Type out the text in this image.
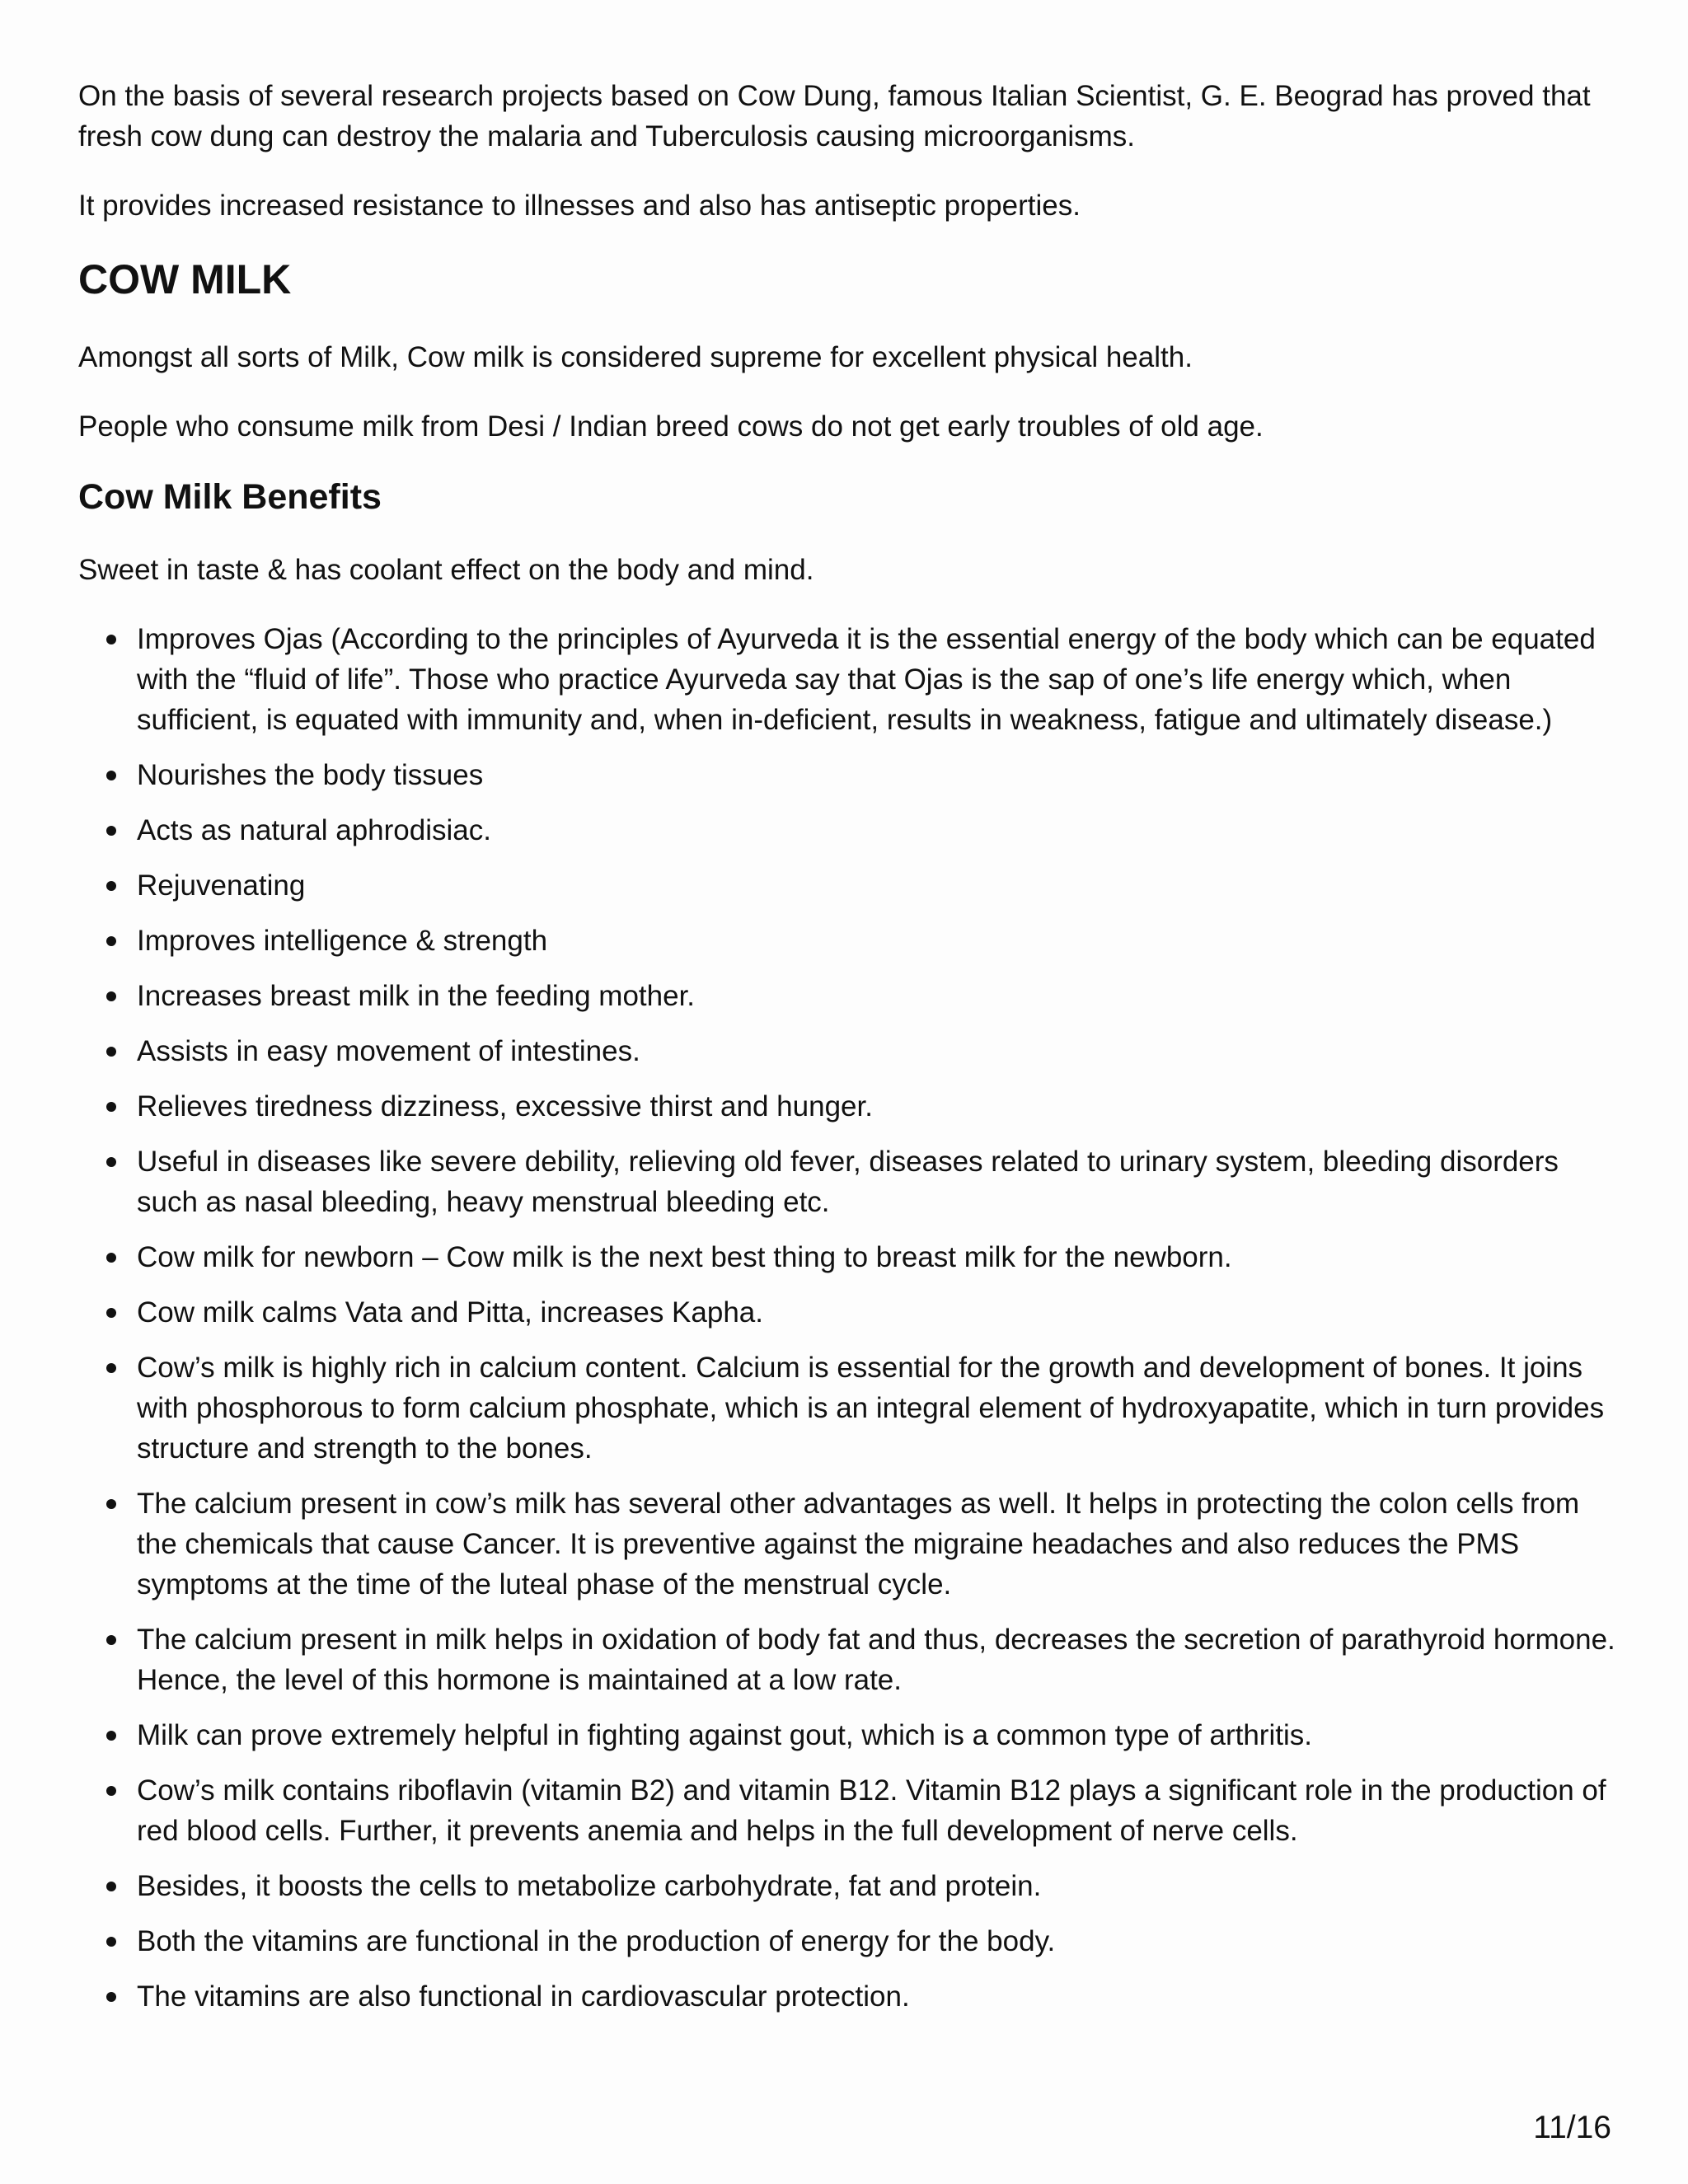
On the basis of several research projects based on Cow Dung, famous Italian Scientist, G. E. Beograd has proved that fresh cow dung can destroy the malaria and Tuberculosis causing microorganisms.

It provides increased resistance to illnesses and also has antiseptic properties.

COW MILK

Amongst all sorts of Milk, Cow milk is considered supreme for excellent physical health.

People who consume milk from Desi / Indian breed cows do not get early troubles of old age.

Cow Milk Benefits

Sweet in taste & has coolant effect on the body and mind.

Improves Ojas (According to the principles of Ayurveda it is the essential energy of the body which can be equated with the “fluid of life”. Those who practice Ayurveda say that Ojas is the sap of one’s life energy which, when sufficient, is equated with immunity and, when in-deficient, results in weakness, fatigue and ultimately disease.)
Nourishes the body tissues
Acts as natural aphrodisiac.
Rejuvenating
Improves intelligence & strength
Increases breast milk in the feeding mother.
Assists in easy movement of intestines.
Relieves tiredness dizziness, excessive thirst and hunger.
Useful in diseases like severe debility, relieving old fever, diseases related to urinary system, bleeding disorders such as nasal bleeding, heavy menstrual bleeding etc.
Cow milk for newborn – Cow milk is the next best thing to breast milk for the newborn.
Cow milk calms Vata and Pitta, increases Kapha.
Cow’s milk is highly rich in calcium content. Calcium is essential for the growth and development of bones. It joins with phosphorous to form calcium phosphate, which is an integral element of hydroxyapatite, which in turn provides structure and strength to the bones.
The calcium present in cow’s milk has several other advantages as well. It helps in protecting the colon cells from the chemicals that cause Cancer. It is preventive against the migraine headaches and also reduces the PMS symptoms at the time of the luteal phase of the menstrual cycle.
The calcium present in milk helps in oxidation of body fat and thus, decreases the secretion of parathyroid hormone. Hence, the level of this hormone is maintained at a low rate.
Milk can prove extremely helpful in fighting against gout, which is a common type of arthritis.
Cow’s milk contains riboflavin (vitamin B2) and vitamin B12. Vitamin B12 plays a significant role in the production of red blood cells. Further, it prevents anemia and helps in the full development of nerve cells.
Besides, it boosts the cells to metabolize carbohydrate, fat and protein.
Both the vitamins are functional in the production of energy for the body.
The vitamins are also functional in cardiovascular protection.
11/16
